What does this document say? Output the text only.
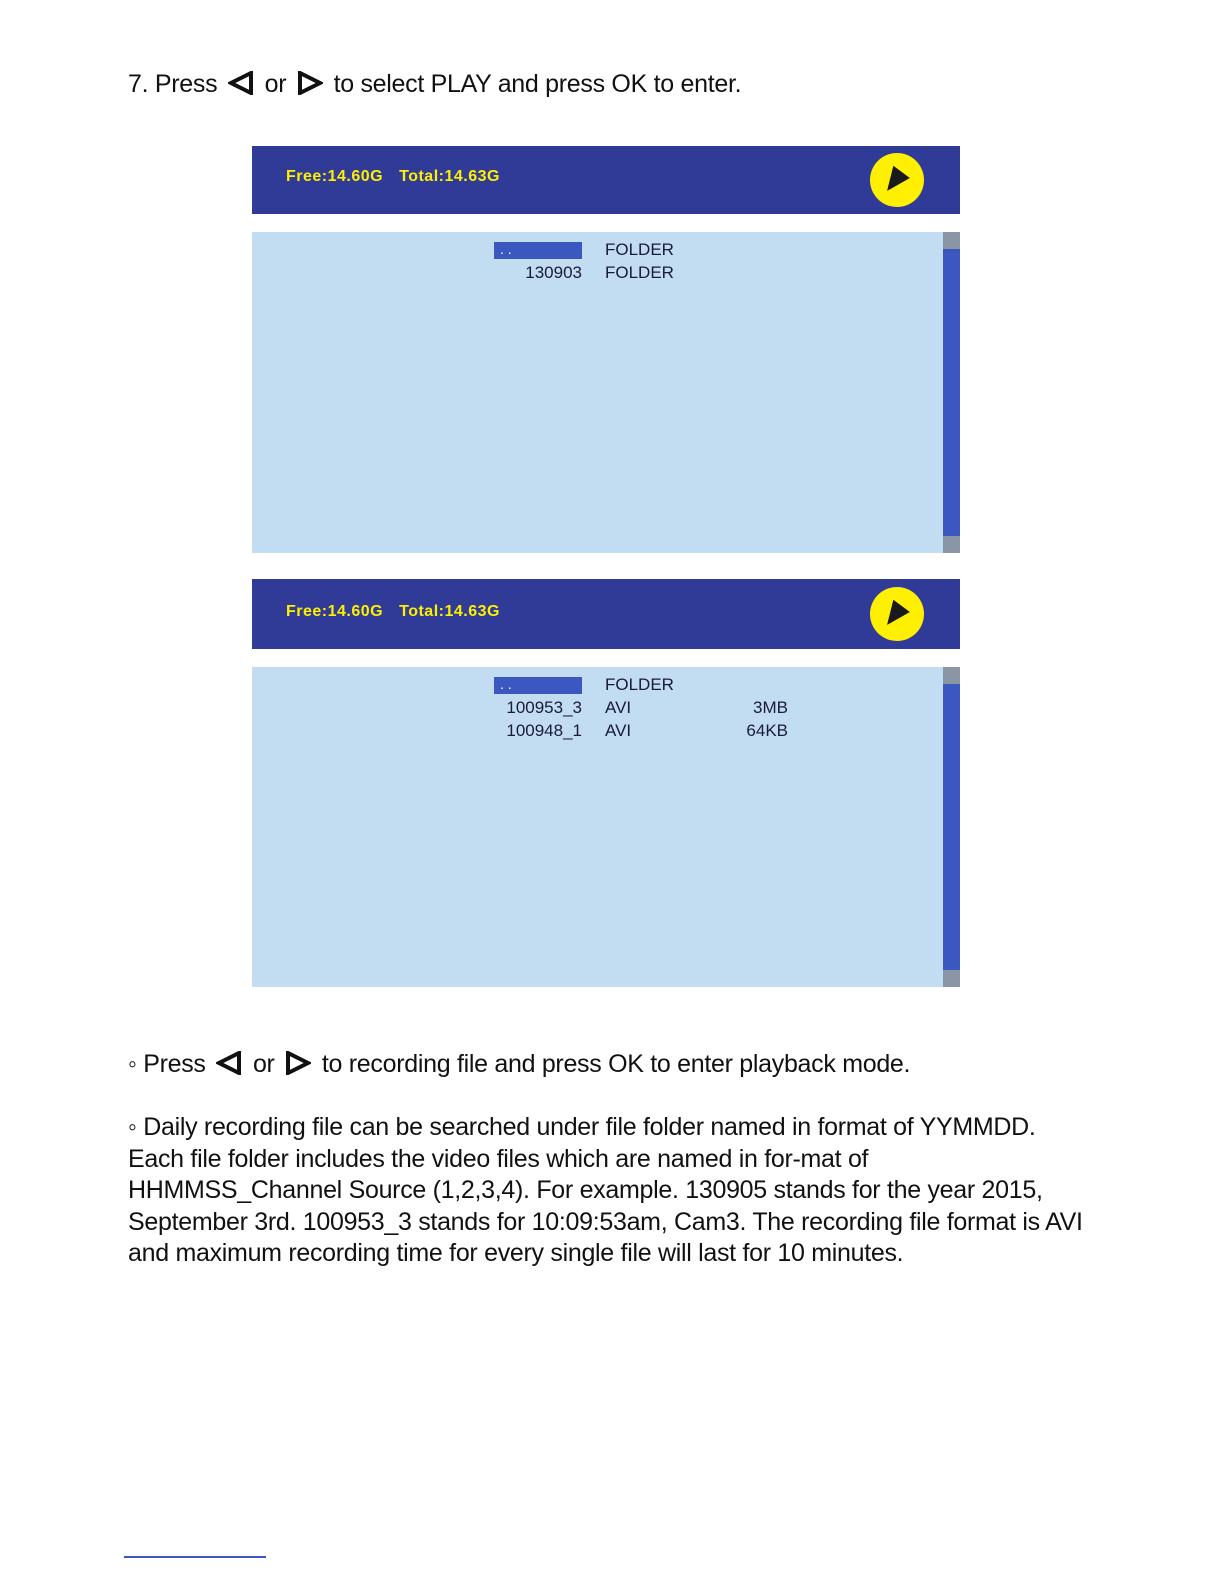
7. Press or to select PLAY and press OK to enter.
Free:14.60G Total:14.63G
. .	FOLDER
130903 FOLDER
Free:14.60G Total:14.63G
. .	FOLDER
100953_3 AVI	3MB
100948_1 AVI	64KB
◦ Press or to recording file and press OK to enter playback mode.
◦ Daily recording file can be searched under file folder named in format of YYMMDD. Each file folder includes the video files which are named in for-mat of HHMMSS_Channel Source (1,2,3,4). For example. 130905 stands for the year 2015, September 3rd. 100953_3 stands for 10:09:53am, Cam3. The recording file format is AVI and maximum recording time for every single file will last for 10 minutes.
